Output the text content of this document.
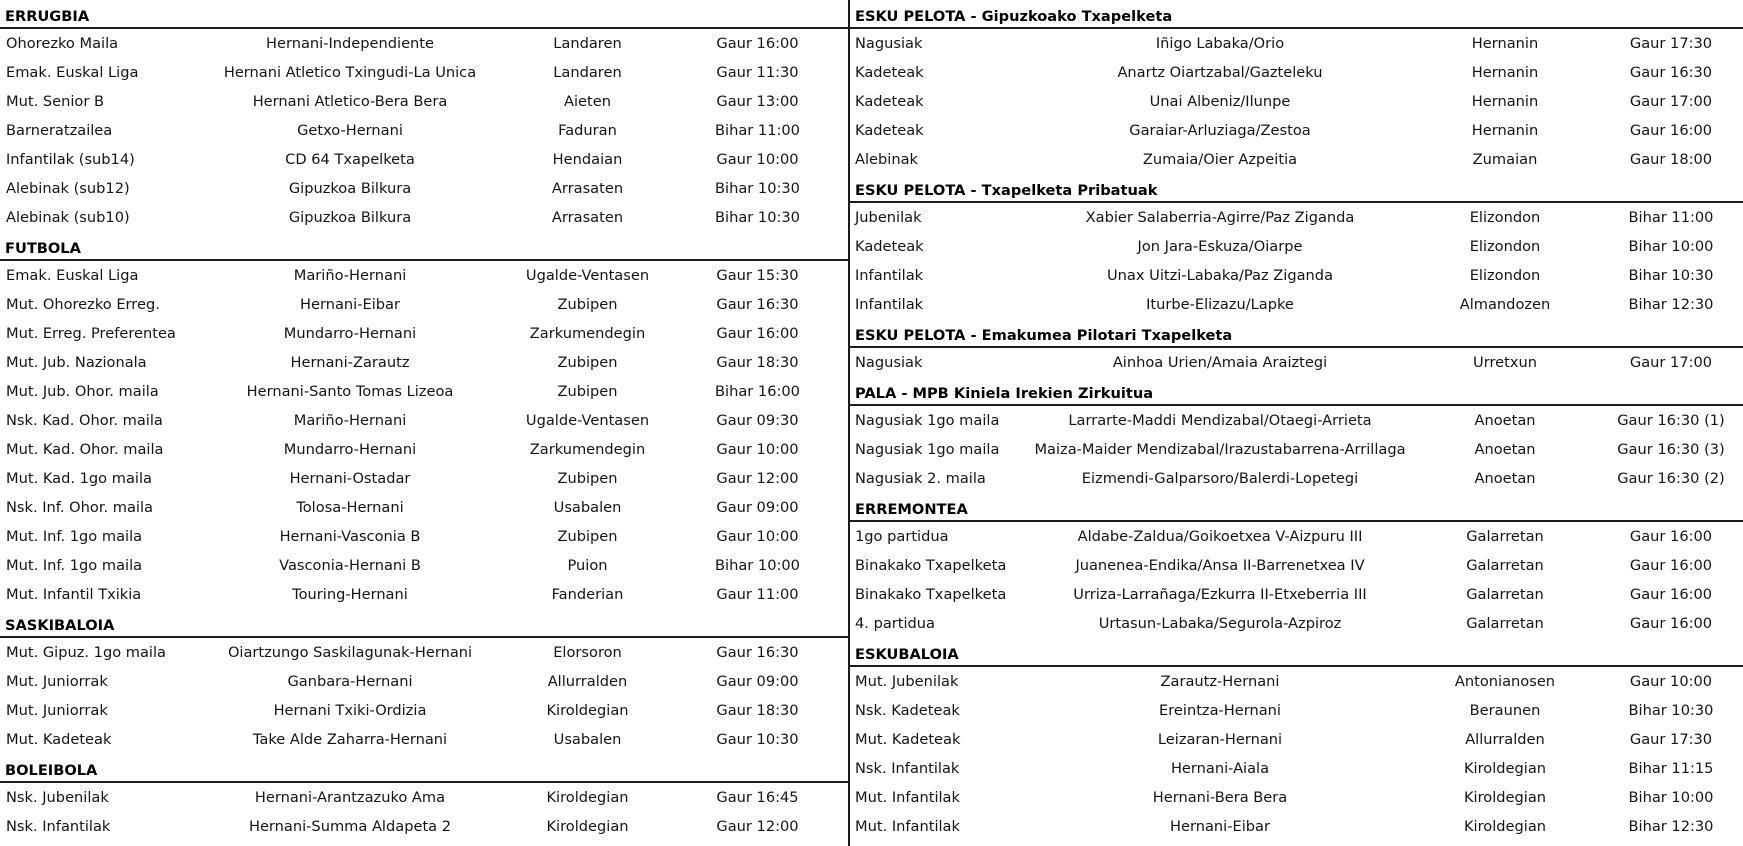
ERRUGBIA
Ohorezko Maila	Hernani-Independiente	Landaren	Gaur 16:00
Emak. Euskal Liga	Hernani Atletico Txingudi-La Unica	Landaren	Gaur 11:30
Mut. Senior B	Hernani Atletico-Bera Bera	Aieten	Gaur 13:00
Barneratzailea	Getxo-Hernani	Faduran	Bihar 11:00
Infantilak (sub14)	CD 64 Txapelketa	Hendaian	Gaur 10:00
Alebinak (sub12)	Gipuzkoa Bilkura	Arrasaten	Bihar 10:30
Alebinak (sub10)	Gipuzkoa Bilkura	Arrasaten	Bihar 10:30
FUTBOLA
Emak. Euskal Liga	Mariño-Hernani	Ugalde-Ventasen	Gaur 15:30
Mut. Ohorezko Erreg.	Hernani-Eibar	Zubipen	Gaur 16:30
Mut. Erreg. Preferentea	Mundarro-Hernani	Zarkumendegin	Gaur 16:00
Mut. Jub. Nazionala	Hernani-Zarautz	Zubipen	Gaur 18:30
Mut. Jub. Ohor. maila	Hernani-Santo Tomas Lizeoa	Zubipen	Bihar 16:00
Nsk. Kad. Ohor. maila	Mariño-Hernani	Ugalde-Ventasen	Gaur 09:30
Mut. Kad. Ohor. maila	Mundarro-Hernani	Zarkumendegin	Gaur 10:00
Mut. Kad. 1go maila	Hernani-Ostadar	Zubipen	Gaur 12:00
Nsk. Inf. Ohor. maila	Tolosa-Hernani	Usabalen	Gaur 09:00
Mut. Inf. 1go maila	Hernani-Vasconia B	Zubipen	Gaur 10:00
Mut. Inf. 1go maila	Vasconia-Hernani B	Puion	Bihar 10:00
Mut. Infantil Txikia	Touring-Hernani	Fanderian	Gaur 11:00
SASKIBALOIA
Mut. Gipuz. 1go maila	Oiartzungo Saskilagunak-Hernani	Elorsoron	Gaur 16:30
Mut. Juniorrak	Ganbara-Hernani	Allurralden	Gaur 09:00
Mut. Juniorrak	Hernani Txiki-Ordizia	Kiroldegian	Gaur 18:30
Mut. Kadeteak	Take Alde Zaharra-Hernani	Usabalen	Gaur 10:30
BOLEIBOLA
Nsk. Jubenilak	Hernani-Arantzazuko Ama	Kiroldegian	Gaur 16:45
Nsk. Infantilak	Hernani-Summa Aldapeta 2	Kiroldegian	Gaur 12:00
ESKU PELOTA - Gipuzkoako Txapelketa
Nagusiak	Iñigo Labaka/Orio	Hernanin	Gaur 17:30
Kadeteak	Anartz Oiartzabal/Gazteleku	Hernanin	Gaur 16:30
Kadeteak	Unai Albeniz/Ilunpe	Hernanin	Gaur 17:00
Kadeteak	Garaiar-Arluziaga/Zestoa	Hernanin	Gaur 16:00
Alebinak	Zumaia/Oier Azpeitia	Zumaian	Gaur 18:00
ESKU PELOTA - Txapelketa Pribatuak
Jubenilak	Xabier Salaberria-Agirre/Paz Ziganda	Elizondon	Bihar 11:00
Kadeteak	Jon Jara-Eskuza/Oiarpe	Elizondon	Bihar 10:00
Infantilak	Unax Uitzi-Labaka/Paz Ziganda	Elizondon	Bihar 10:30
Infantilak	Iturbe-Elizazu/Lapke	Almandozen	Bihar 12:30
ESKU PELOTA - Emakumea Pilotari Txapelketa
Nagusiak	Ainhoa Urien/Amaia Araiztegi	Urretxun	Gaur 17:00
PALA - MPB Kiniela Irekien Zirkuitua
Nagusiak 1go maila	Larrarte-Maddi Mendizabal/Otaegi-Arrieta	Anoetan	Gaur 16:30 (1)
Nagusiak 1go maila	Maiza-Maider Mendizabal/Irazustabarrena-Arrillaga	Anoetan	Gaur 16:30 (3)
Nagusiak 2. maila	Eizmendi-Galparsoro/Balerdi-Lopetegi	Anoetan	Gaur 16:30 (2)
ERREMONTEA
1go partidua	Aldabe-Zaldua/Goikoetxea V-Aizpuru III	Galarretan	Gaur 16:00
Binakako Txapelketa	Juanenea-Endika/Ansa II-Barrenetxea IV	Galarretan	Gaur 16:00
Binakako Txapelketa	Urriza-Larrañaga/Ezkurra II-Etxeberria III	Galarretan	Gaur 16:00
4. partidua	Urtasun-Labaka/Segurola-Azpiroz	Galarretan	Gaur 16:00
ESKUBALOIA
Mut. Jubenilak	Zarautz-Hernani	Antonianosen	Gaur 10:00
Nsk. Kadeteak	Ereintza-Hernani	Beraunen	Bihar 10:30
Mut. Kadeteak	Leizaran-Hernani	Allurralden	Gaur 17:30
Nsk. Infantilak	Hernani-Aiala	Kiroldegian	Bihar 11:15
Mut. Infantilak	Hernani-Bera Bera	Kiroldegian	Bihar 10:00
Mut. Infantilak	Hernani-Eibar	Kiroldegian	Bihar 12:30
